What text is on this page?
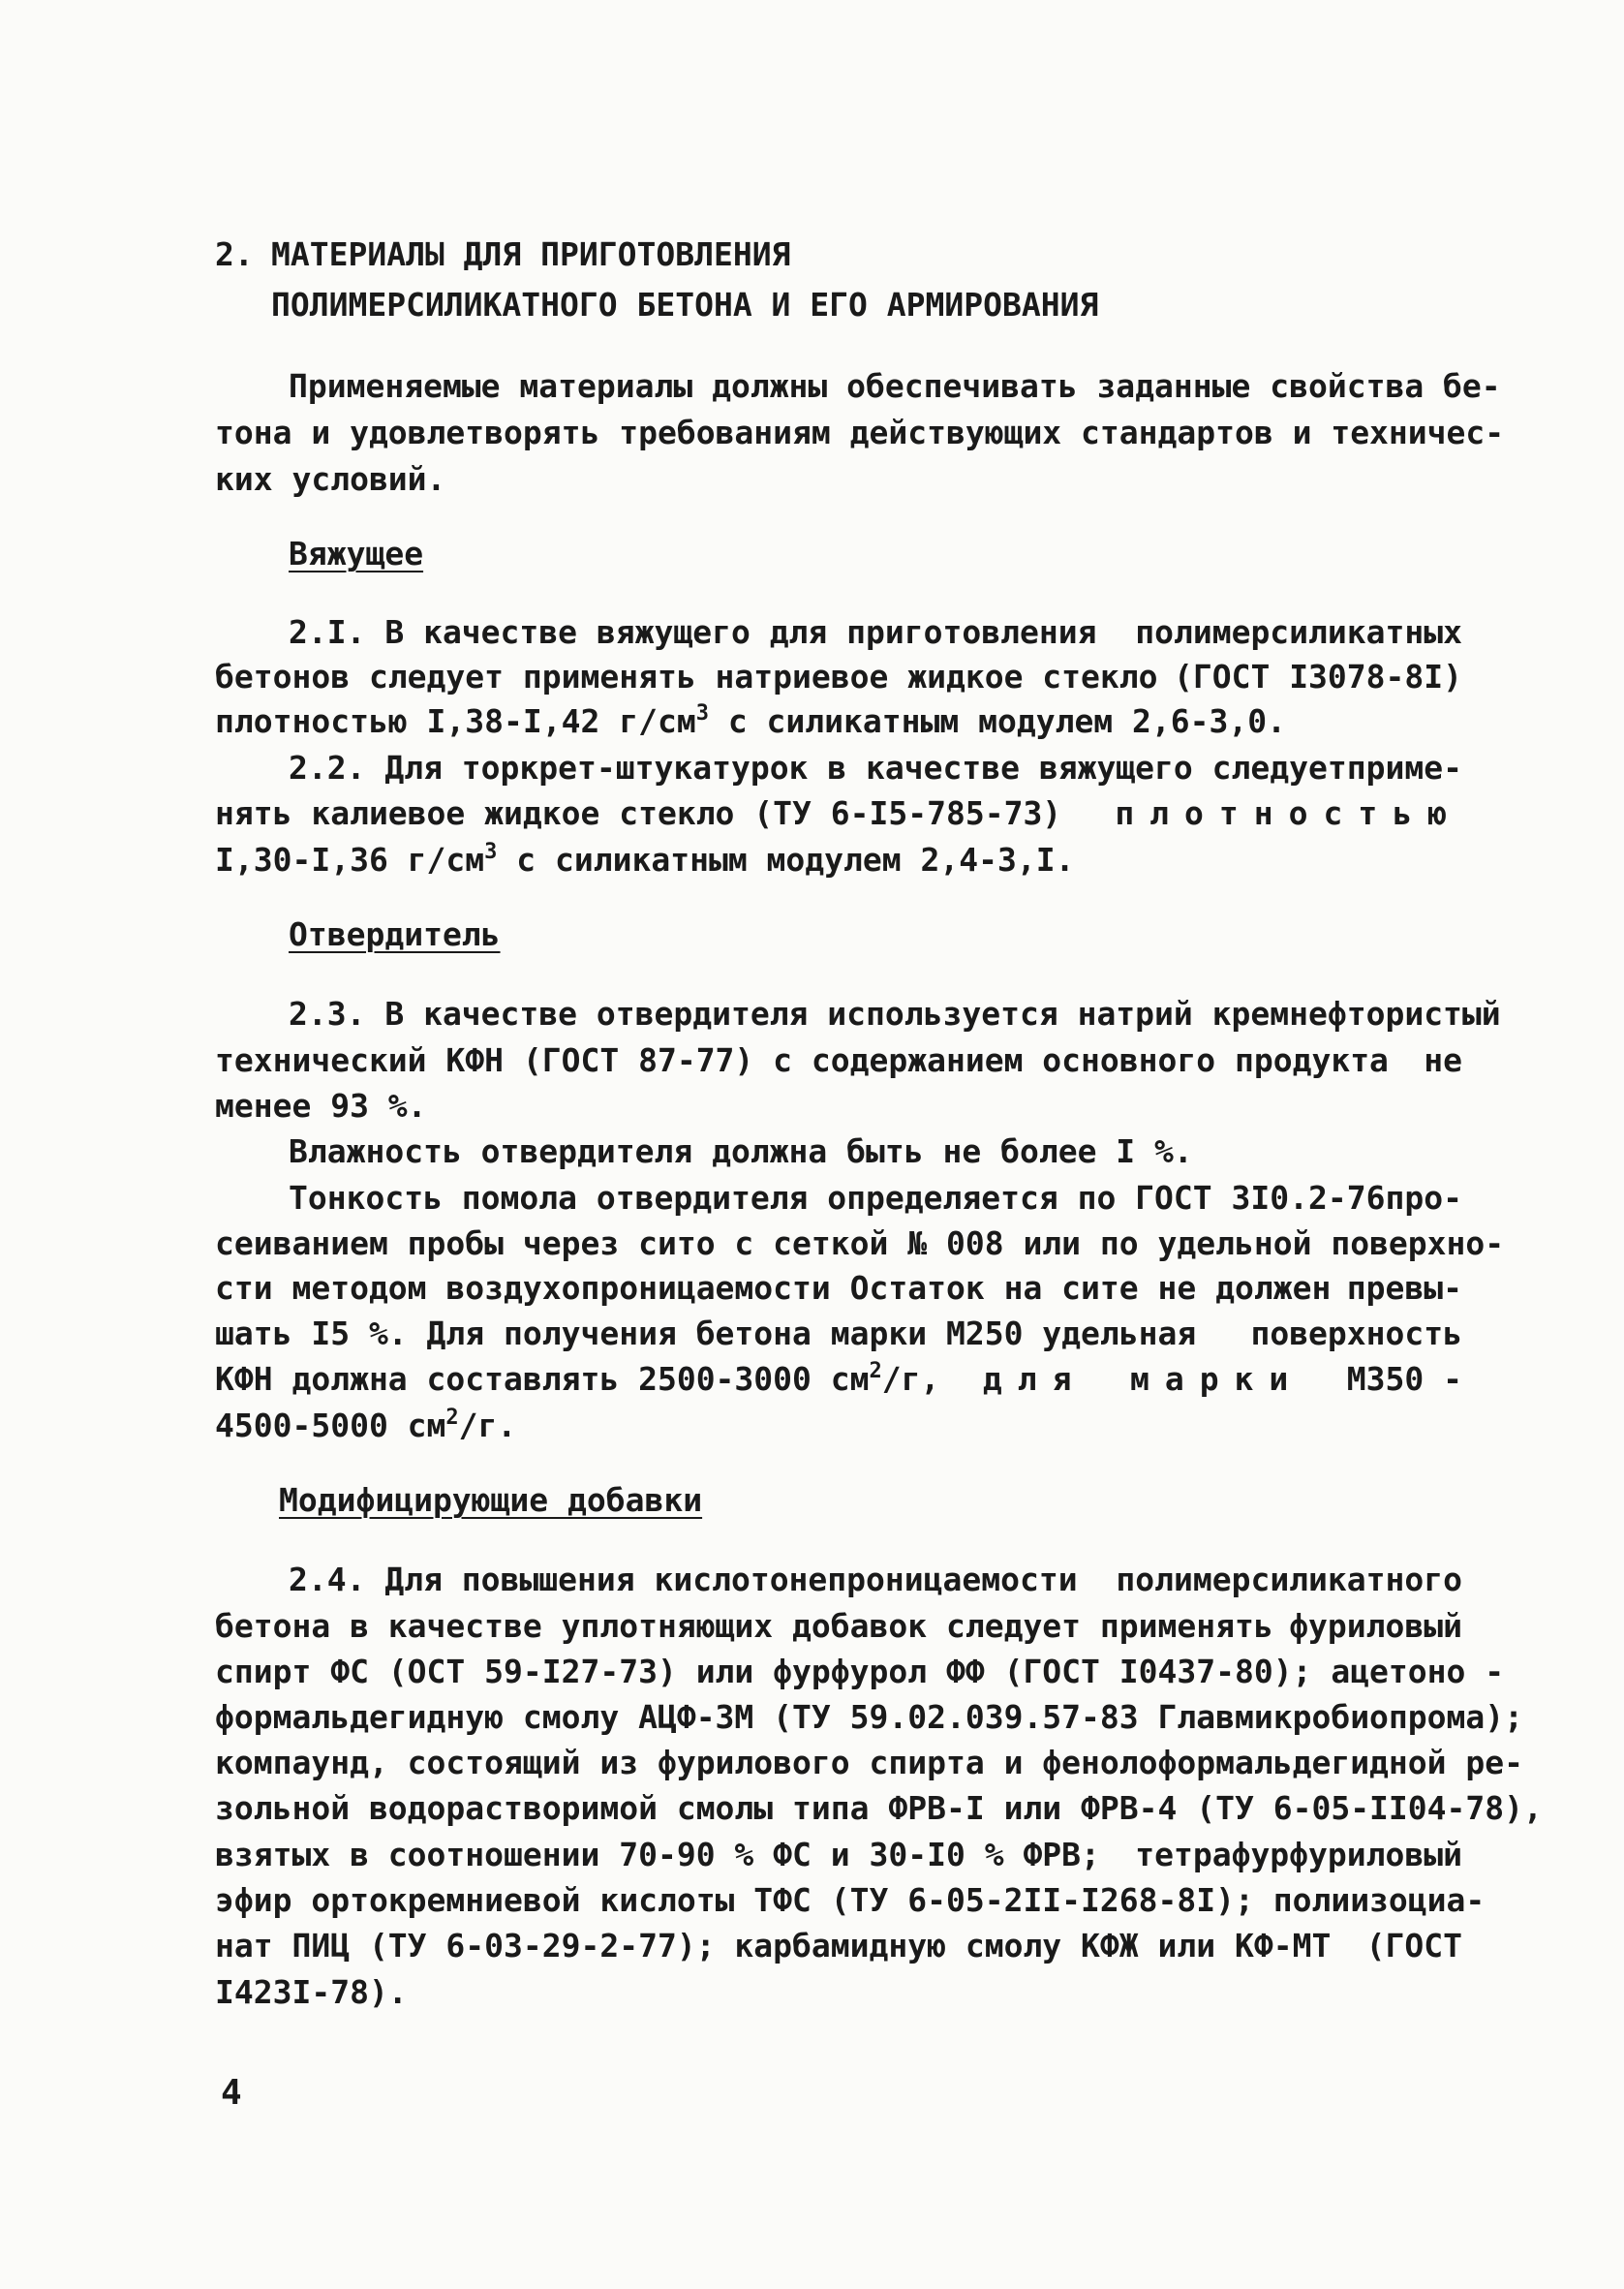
2. МАТЕРИАЛЫ ДЛЯ ПРИГОТОВЛЕНИЯ
ПОЛИМЕРСИЛИКАТНОГО БЕТОНА И ЕГО АРМИРОВАНИЯ
Применяемые материалы должны обеспечивать заданные свойства бе-
тона и удовлетворять требованиям действующих стандартов и техничес-
ких условий.
Вяжущее
2.I. В качестве вяжущего для приготовления полимерсиликатных
бетонов следует применять натриевое жидкое стекло (ГОСТ I3078-8I)
плотностью I,38-I,42 $г/см^3$ с силикатным модулем 2,6-3,0.
2.2. Для торкрет-штукатурок в качестве вяжущего следует приме-
нять калиевое жидкое стекло (ТУ 6-I5-785-73) плотностью
I,30-I,36 $г/см^3$ с силикатным модулем 2,4-3,I.
Отвердитель
2.3. В качестве отвердителя используется натрий кремнефтористый
технический КФН (ГОСТ 87-77) с содержанием основного продукта не
менее 93 %.
Влажность отвердителя должна быть не более I %.
Тонкость помола отвердителя определяется по ГОСТ 3I0.2-76 про-
сеиванием пробы через сито с сеткой № 008 или по удельной поверхно-
сти методом воздухопроницаемости Остаток на сите не должен превы-
шать I5 %. Для получения бетона марки М250 удельная поверхность
КФН должна составлять 2500-3000 $см^2/г$, для марки М350 -
4500-5000 $см^2/г$.
Модифицирующие добавки
2.4. Для повышения кислотонепроницаемости полимерсиликатного
бетона в качестве уплотняющих добавок следует применять фуриловый
спирт ФС (ОСТ 59-I27-73) или фурфурол ФФ (ГОСТ I0437-80); ацетоно -
формальдегидную смолу АЦФ-3М (ТУ 59.02.039.57-83 Главмикробиопрома);
компаунд, состоящий из фурилового спирта и фенолоформальдегидной ре-
зольной водорастворимой смолы типа ФРВ-I или ФРВ-4 (ТУ 6-05-II04-78),
взятых в соотношении 70-90 % ФС и 30-I0 % ФРВ; тетрафурфуриловый
эфир ортокремниевой кислоты ТФС (ТУ 6-05-2II-I268-8I); полиизоциа-
нат ПИЦ (ТУ 6-03-29-2-77); карбамидную смолу КФЖ или КФ-МТ (ГОСТ
I423I-78).
4
